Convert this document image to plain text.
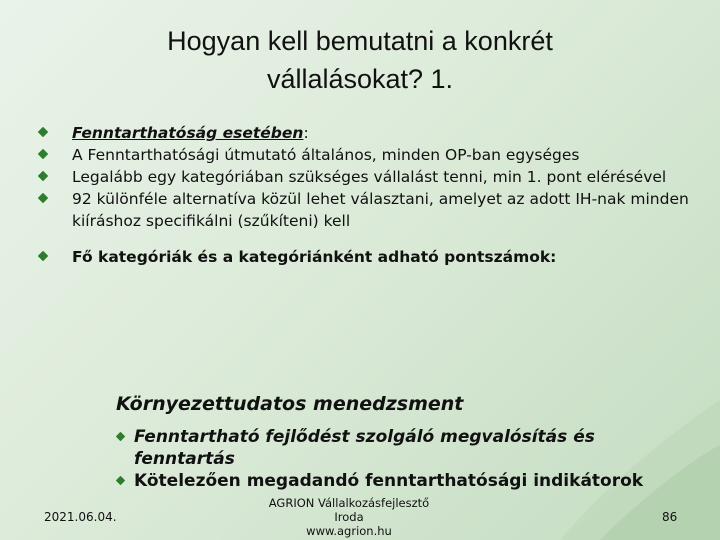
Hogyan kell bemutatni a konkrét
vállalásokat? 1.
Fenntarthatóság esetében:
A Fenntarthatósági útmutató általános, minden OP-ban egységes
Legalább egy kategóriában szükséges vállalást tenni, min 1. pont elérésével
92 különféle alternatíva közül lehet választani, amelyet az adott IH-nak minden kiíráshoz specifikálni (szűkíteni) kell
Fő kategóriák és a kategóriánként adható pontszámok:
Környezettudatos menedzsment
Fenntartható fejlődést szolgáló megvalósítás és fenntartás
Kötelezően megadandó fenntarthatósági indikátorok
2021.06.04.
AGRION Vállalkozásfejlesztő Iroda
www.agrion.hu
86
